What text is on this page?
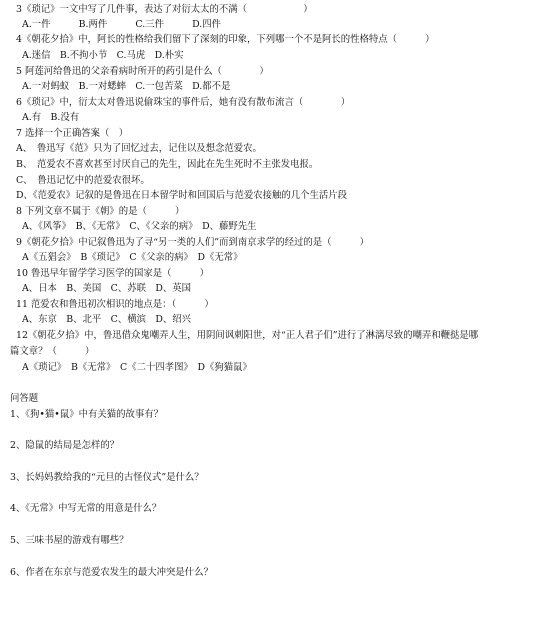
3《琐记》一文中写了几件事，表达了对衍太太的不满（　　　　　　）
A.一件　　　B.两件　　　C.三件　　　D.四件
4《朝花夕拾》中，阿长的性格给我们留下了深刻的印象，下列哪一个不是阿长的性格特点（　　　）
A.迷信　B.不拘小节　C.马虎　D.朴实
5 阿莲河给鲁迅的父亲看病时所开的药引是什么（　　　　）
A.一对蚂蚁　B.一对蟋蟀　C.一包苦菜　D.都不是
6《琐记》中，衍太太对鲁迅说偷珠宝的事件后，她有没有散布流言（　　　　）
A.有　B.没有
7 选择一个正确答案（　）
A、　鲁迅写《范》只为了回忆过去，记住以及想念范爱农。
B、　范爱农不喜欢甚至讨厌自己的先生，因此在先生死时不主张发电报。
C、　鲁迅记忆中的范爱农很坏。
D、《范爱农》记叙的是鲁迅在日本留学时和回国后与范爱农接触的几个生活片段
8 下列文章不属于《朝》的是（　　　）
A、《风筝》　B、《无常》　C、《父亲的病》　D、藤野先生
9《朝花夕拾》中记叙鲁迅为了寻“另一类的人们”而到南京求学的经过的是（　　　）
A《五猖会》　B《琐记》　C《父亲的病》　D《无常》
10 鲁迅早年留学学习医学的国家是（　　　）
A、日本　B、美国　C、苏联　D、英国
11 范爱农和鲁迅初次相识的地点是：（　　　）
A、东京　B、北平　C、横滨　D、绍兴
12《朝花夕拾》中，鲁迅借众鬼嘲弄人生，用阴间讽刺阳世，对“正人君子们”进行了淋漓尽致的嘲弄和鞭挞是哪
篇文章？（　　　）
A《琐记》　B《无常》　C《二十四孝图》　D《狗猫鼠》
问答题
1、《狗•猫•鼠》中有关猫的故事有？
2、隐鼠的结局是怎样的？
3、长妈妈教给我的“元旦的古怪仪式”是什么？
4、《无常》中写无常的用意是什么？
5、三味书屋的游戏有哪些？
6、作者在东京与范爱农发生的最大冲突是什么？
